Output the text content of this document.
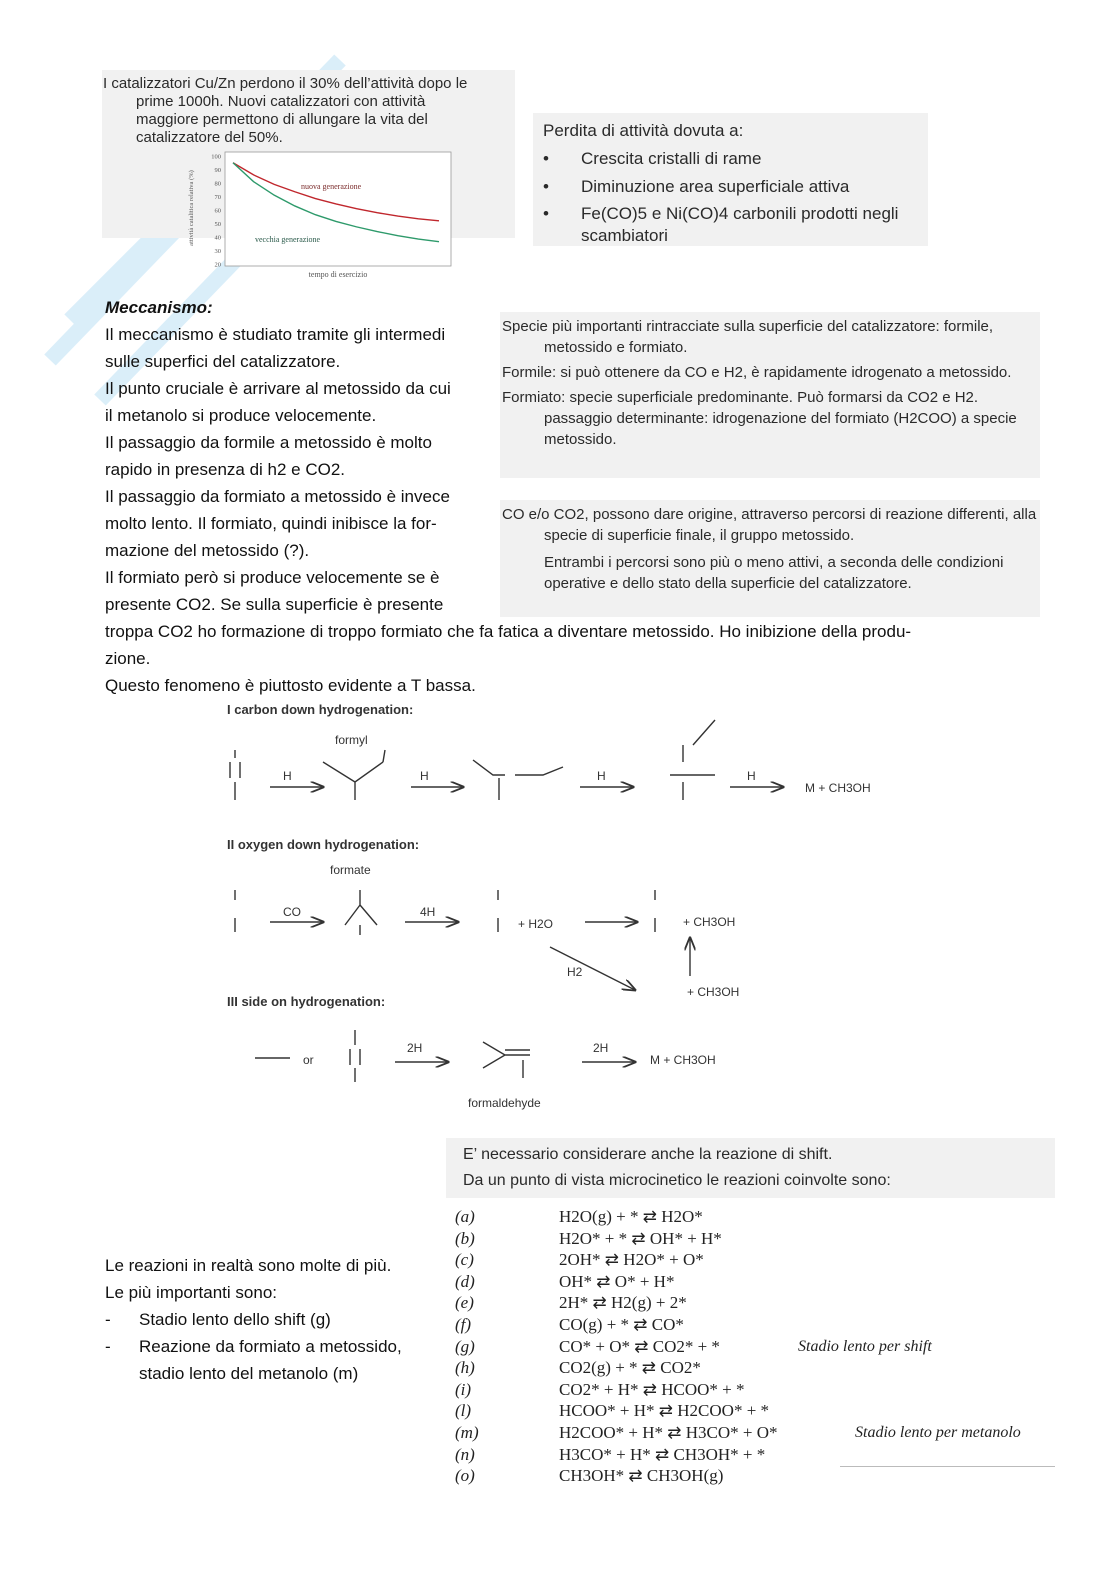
I catalizzatori Cu/Zn perdono il 30% dell’attività dopo le
prime 1000h. Nuovi catalizzatori con attività
maggiore permettono di allungare la vita del
catalizzatore del 50%.
100
90
80
70
60
50
40
30
20
attività catalitica relativa (%)
tempo di esercizio
nuova generazione
vecchia generazione
Perdita di attività dovuta a:
• Crescita cristalli di rame
• Diminuzione area superficiale attiva
• Fe(CO)5 e Ni(CO)4 carbonili prodotti negli scambiatori
Meccanismo:
Il meccanismo è studiato tramite gli intermedi
sulle superfici del catalizzatore.
Il punto cruciale è arrivare al metossido da cui
il metanolo si produce velocemente.
Il passaggio da formile a metossido è molto
rapido in presenza di h2 e CO2.
Il passaggio da formiato a metossido è invece
molto lento. Il formiato, quindi inibisce la for-
mazione del metossido (?).
Il formiato però si produce velocemente se è
presente CO2. Se sulla superficie è presente
troppa CO2 ho formazione di troppo formiato che fa fatica a diventare metossido. Ho inibizione della produ-
zione.
Questo fenomeno è piuttosto evidente a T bassa.
Specie più importanti rintracciate sulla superficie del catalizzatore: formile, metossido e formiato.
Formile: si può ottenere da CO e H2, è rapidamente idrogenato a metossido.
Formiato: specie superficiale predominante. Può formarsi da CO2 e H2. passaggio determinante: idrogenazione del formiato (H2COO) a specie metossido.
CO e/o CO2, possono dare origine, attraverso percorsi di reazione differenti, alla specie di superficie finale, il gruppo metossido.
Entrambi i percorsi sono più o meno attivi, a seconda delle condizioni operative e dello stato della superficie del catalizzatore.
I carbon down hydrogenation:
II oxygen down hydrogenation:
III side on hydrogenation:
formyl
H	H	H	H
M + CH3OH
formate
CO	4H
+ H2O	+ CH3OH
H2
+ CH3OH
or
2H	2H
M + CH3OH
formaldehyde
E’ necessario considerare anche la reazione di shift.
Da un punto di vista microcinetico le reazioni coinvolte sono:
Le reazioni in realtà sono molte di più.
Le più importanti sono:
- Stadio lento dello shift (g)
- Reazione da formiato a metossido, stadio lento del metanolo (m)
(a)	H2O(g) + * ⇄ H2O*
(b)	H2O* + * ⇄ OH* + H*
(c)	2OH* ⇄ H2O* + O*
(d)	OH* ⇄ O* + H*
(e)	2H* ⇄ H2(g) + 2*
(f)	CO(g) + * ⇄ CO*
(g)	CO* + O* ⇄ CO2* + *	Stadio lento per shift
(h)	CO2(g) + * ⇄ CO2*
(i)	CO2* + H* ⇄ HCOO* + *
(l)	HCOO* + H* ⇄ H2COO* + *
(m)	H2COO* + H* ⇄ H3CO* + O*	Stadio lento per metanolo
(n)	H3CO* + H* ⇄ CH3OH* + *
(o)	CH3OH* ⇄ CH3OH(g)
